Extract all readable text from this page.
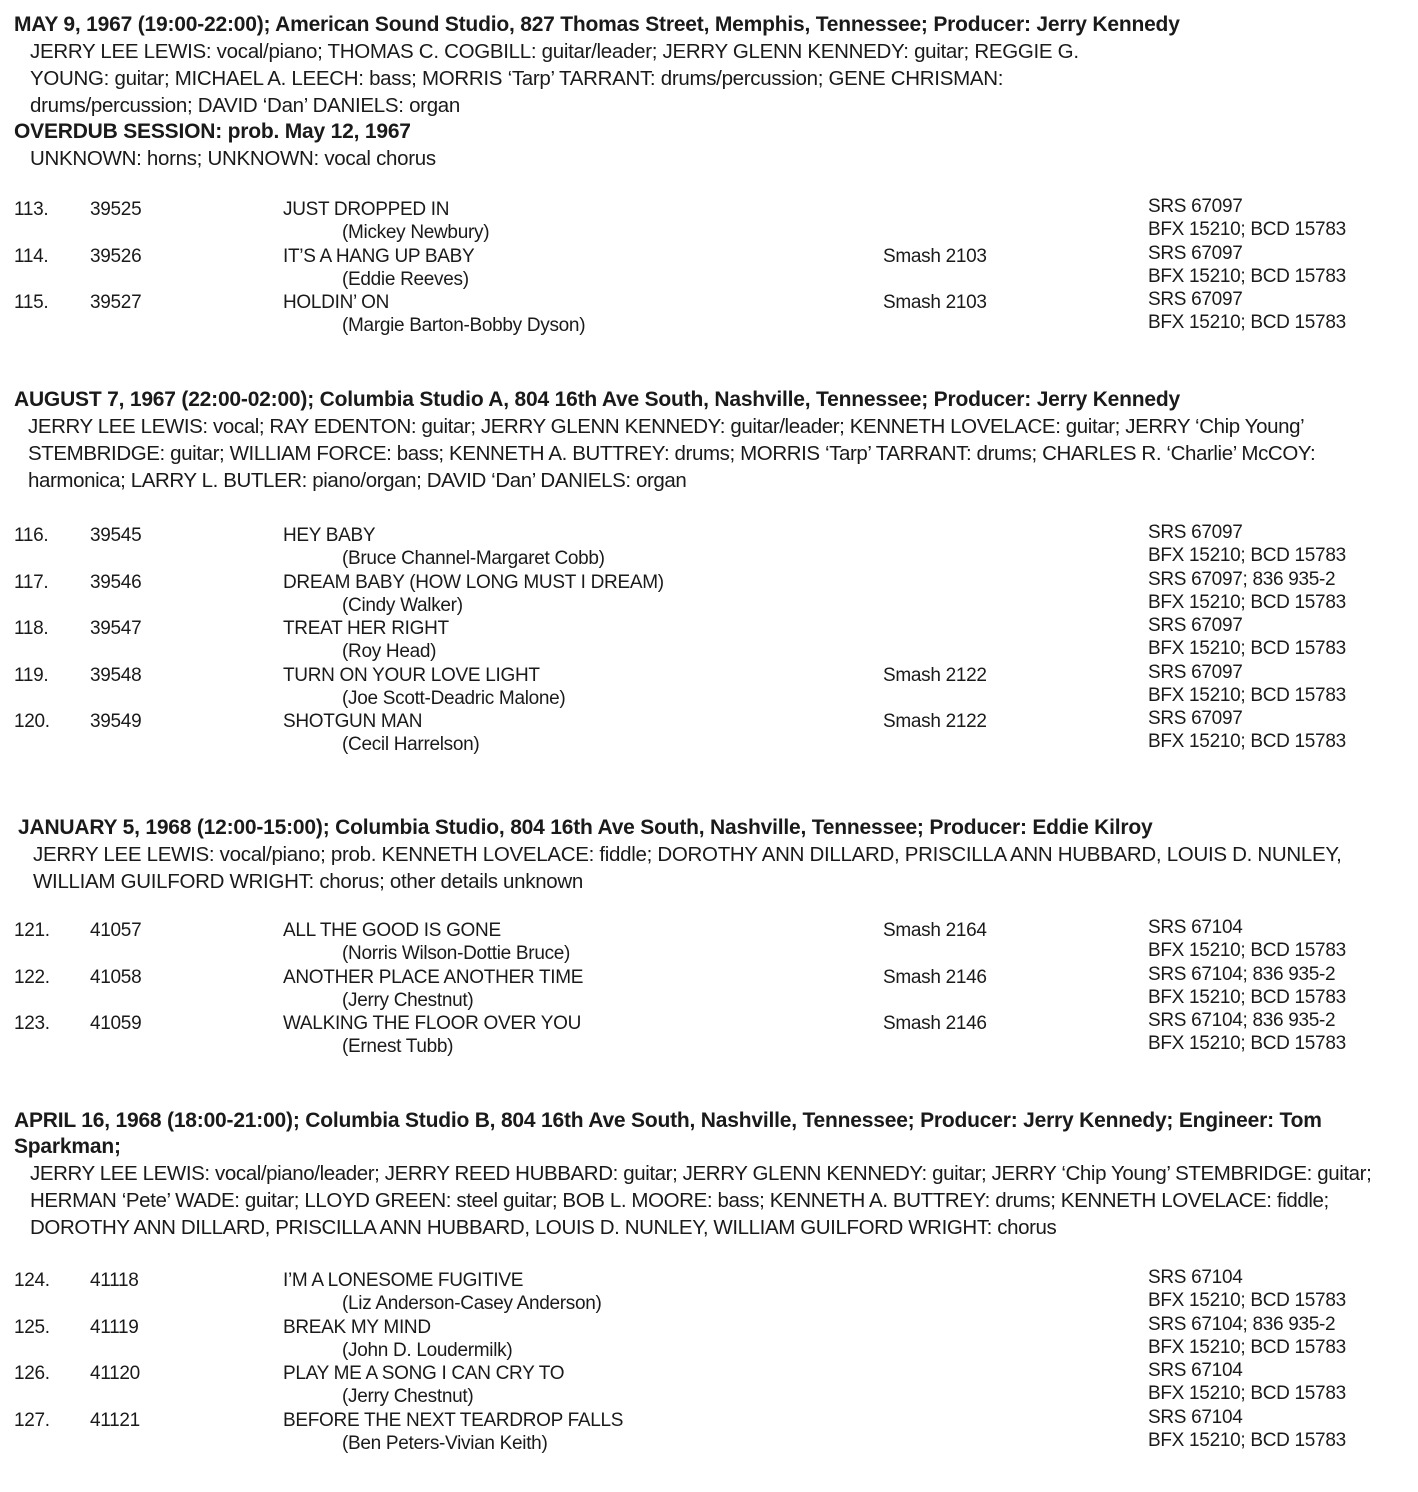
MAY 9, 1967 (19:00-22:00); American Sound Studio, 827 Thomas Street, Memphis, Tennessee; Producer: Jerry Kennedy
JERRY LEE LEWIS: vocal/piano; THOMAS C. COGBILL: guitar/leader; JERRY GLENN KENNEDY: guitar; REGGIE G. YOUNG: guitar; MICHAEL A. LEECH: bass; MORRIS ‘Tarp’ TARRANT: drums/percussion; GENE CHRISMAN: drums/percussion; DAVID ‘Dan’ DANIELS: organ
OVERDUB SESSION: prob. May 12, 1967
UNKNOWN: horns; UNKNOWN: vocal chorus
113. 39525	JUST DROPPED IN
(Mickey Newbury)
SRS 67097
BFX 15210; BCD 15783
114. 39526	IT’S A HANG UP BABY
(Eddie Reeves)
Smash 2103	SRS 67097
BFX 15210; BCD 15783
115. 39527	HOLDIN’ ON
(Margie Barton-Bobby Dyson)
Smash 2103	SRS 67097
BFX 15210; BCD 15783
AUGUST 7, 1967 (22:00-02:00); Columbia Studio A, 804 16th Ave South, Nashville, Tennessee; Producer: Jerry Kennedy
JERRY LEE LEWIS: vocal; RAY EDENTON: guitar; JERRY GLENN KENNEDY: guitar/leader; KENNETH LOVELACE: guitar; JERRY ‘Chip Young’ STEMBRIDGE: guitar; WILLIAM FORCE: bass; KENNETH A. BUTTREY: drums; MORRIS ‘Tarp’ TARRANT: drums; CHARLES R. ‘Charlie’ McCOY: harmonica; LARRY L. BUTLER: piano/organ; DAVID ‘Dan’ DANIELS: organ
116. 39545	HEY BABY
(Bruce Channel-Margaret Cobb)
SRS 67097
BFX 15210; BCD 15783
117. 39546	DREAM BABY (HOW LONG MUST I DREAM)
(Cindy Walker)
SRS 67097; 836 935-2
BFX 15210; BCD 15783
118. 39547	TREAT HER RIGHT
(Roy Head)
SRS 67097
BFX 15210; BCD 15783
119. 39548	TURN ON YOUR LOVE LIGHT
(Joe Scott-Deadric Malone)
Smash 2122	SRS 67097
BFX 15210; BCD 15783
120. 39549	SHOTGUN MAN
(Cecil Harrelson)
Smash 2122	SRS 67097
BFX 15210; BCD 15783
JANUARY 5, 1968 (12:00-15:00); Columbia Studio, 804 16th Ave South, Nashville, Tennessee; Producer: Eddie Kilroy
JERRY LEE LEWIS: vocal/piano; prob. KENNETH LOVELACE: fiddle; DOROTHY ANN DILLARD, PRISCILLA ANN HUBBARD, LOUIS D. NUNLEY, WILLIAM GUILFORD WRIGHT: chorus; other details unknown
121. 41057	ALL THE GOOD IS GONE
(Norris Wilson-Dottie Bruce)
Smash 2164	SRS 67104
BFX 15210; BCD 15783
122. 41058	ANOTHER PLACE ANOTHER TIME
(Jerry Chestnut)
Smash 2146	SRS 67104; 836 935-2
BFX 15210; BCD 15783
123. 41059	WALKING THE FLOOR OVER YOU
(Ernest Tubb)
Smash 2146	SRS 67104; 836 935-2
BFX 15210; BCD 15783
APRIL 16, 1968 (18:00-21:00); Columbia Studio B, 804 16th Ave South, Nashville, Tennessee; Producer: Jerry Kennedy; Engineer: Tom Sparkman;
JERRY LEE LEWIS: vocal/piano/leader; JERRY REED HUBBARD: guitar; JERRY GLENN KENNEDY: guitar; JERRY ‘Chip Young’ STEMBRIDGE: guitar; HERMAN ‘Pete’ WADE: guitar; LLOYD GREEN: steel guitar; BOB L. MOORE: bass; KENNETH A. BUTTREY: drums; KENNETH LOVELACE: fiddle; DOROTHY ANN DILLARD, PRISCILLA ANN HUBBARD, LOUIS D. NUNLEY, WILLIAM GUILFORD WRIGHT: chorus
124. 41118	I’M A LONESOME FUGITIVE
(Liz Anderson-Casey Anderson)
SRS 67104
BFX 15210; BCD 15783
125. 41119	BREAK MY MIND
(John D. Loudermilk)
SRS 67104; 836 935-2
BFX 15210; BCD 15783
126. 41120	PLAY ME A SONG I CAN CRY TO
(Jerry Chestnut)
SRS 67104
BFX 15210; BCD 15783
127. 41121	BEFORE THE NEXT TEARDROP FALLS
(Ben Peters-Vivian Keith)
SRS 67104
BFX 15210; BCD 15783
